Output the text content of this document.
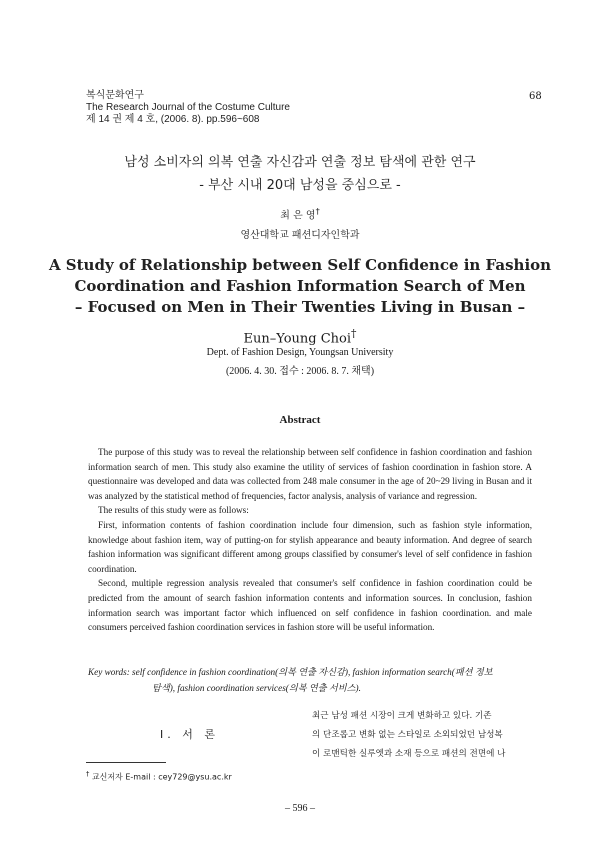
복식문화연구
The Research Journal of the Costume Culture
제 14 권 제 4 호, (2006. 8). pp.596~608
68
남성 소비자의 의복 연출 자신감과 연출 정보 탐색에 관한 연구
- 부산 시내 20대 남성을 중심으로 -
최 은 영†
영산대학교 패션디자인학과
A Study of Relationship between Self Confidence in Fashion
Coordination and Fashion Information Search of Men
– Focused on Men in Their Twenties Living in Busan –
Eun–Young Choi†
Dept. of Fashion Design, Youngsan University
(2006. 4. 30. 접수 : 2006. 8. 7. 채택)
Abstract

The purpose of this study was to reveal the relationship between self confidence in fashion coordination and fashion information search of men. This study also examine the utility of services of fashion coordination in fashion store. A questionnaire was developed and data was collected from 248 male consumer in the age of 20~29 living in Busan and it was analyzed by the statistical method of frequencies, factor analysis, analysis of variance and regression.

The results of this study were as follows:

First, information contents of fashion coordination include four dimension, such as fashion style information, knowledge about fashion item, way of putting-on for stylish appearance and beauty information. And degree of search fashion information was significant different among groups classified by consumer's level of self confidence in fashion coordination.

Second, multiple regression analysis revealed that consumer's self confidence in fashion coordination could be predicted from the amount of search fashion information contents and information sources. In conclusion, fashion information search was important factor which influenced on self confidence in fashion coordination. and male consumers perceived fashion coordination services in fashion store will be useful information.

Key words: self confidence in fashion coordination(의복 연출 자신감), fashion information search(패션 정보
탐색), fashion coordination services(의복 연출 서비스).
Ⅰ. 서 론
최근 남성 패션 시장이 크게 변화하고 있다. 기존
의 단조롭고 변화 없는 스타일로 소외되었던 남성복
이 로맨틱한 실루엣과 소재 등으로 패션의 전면에 나
† 교신저자 E-mail : cey729@ysu.ac.kr
– 596 –
